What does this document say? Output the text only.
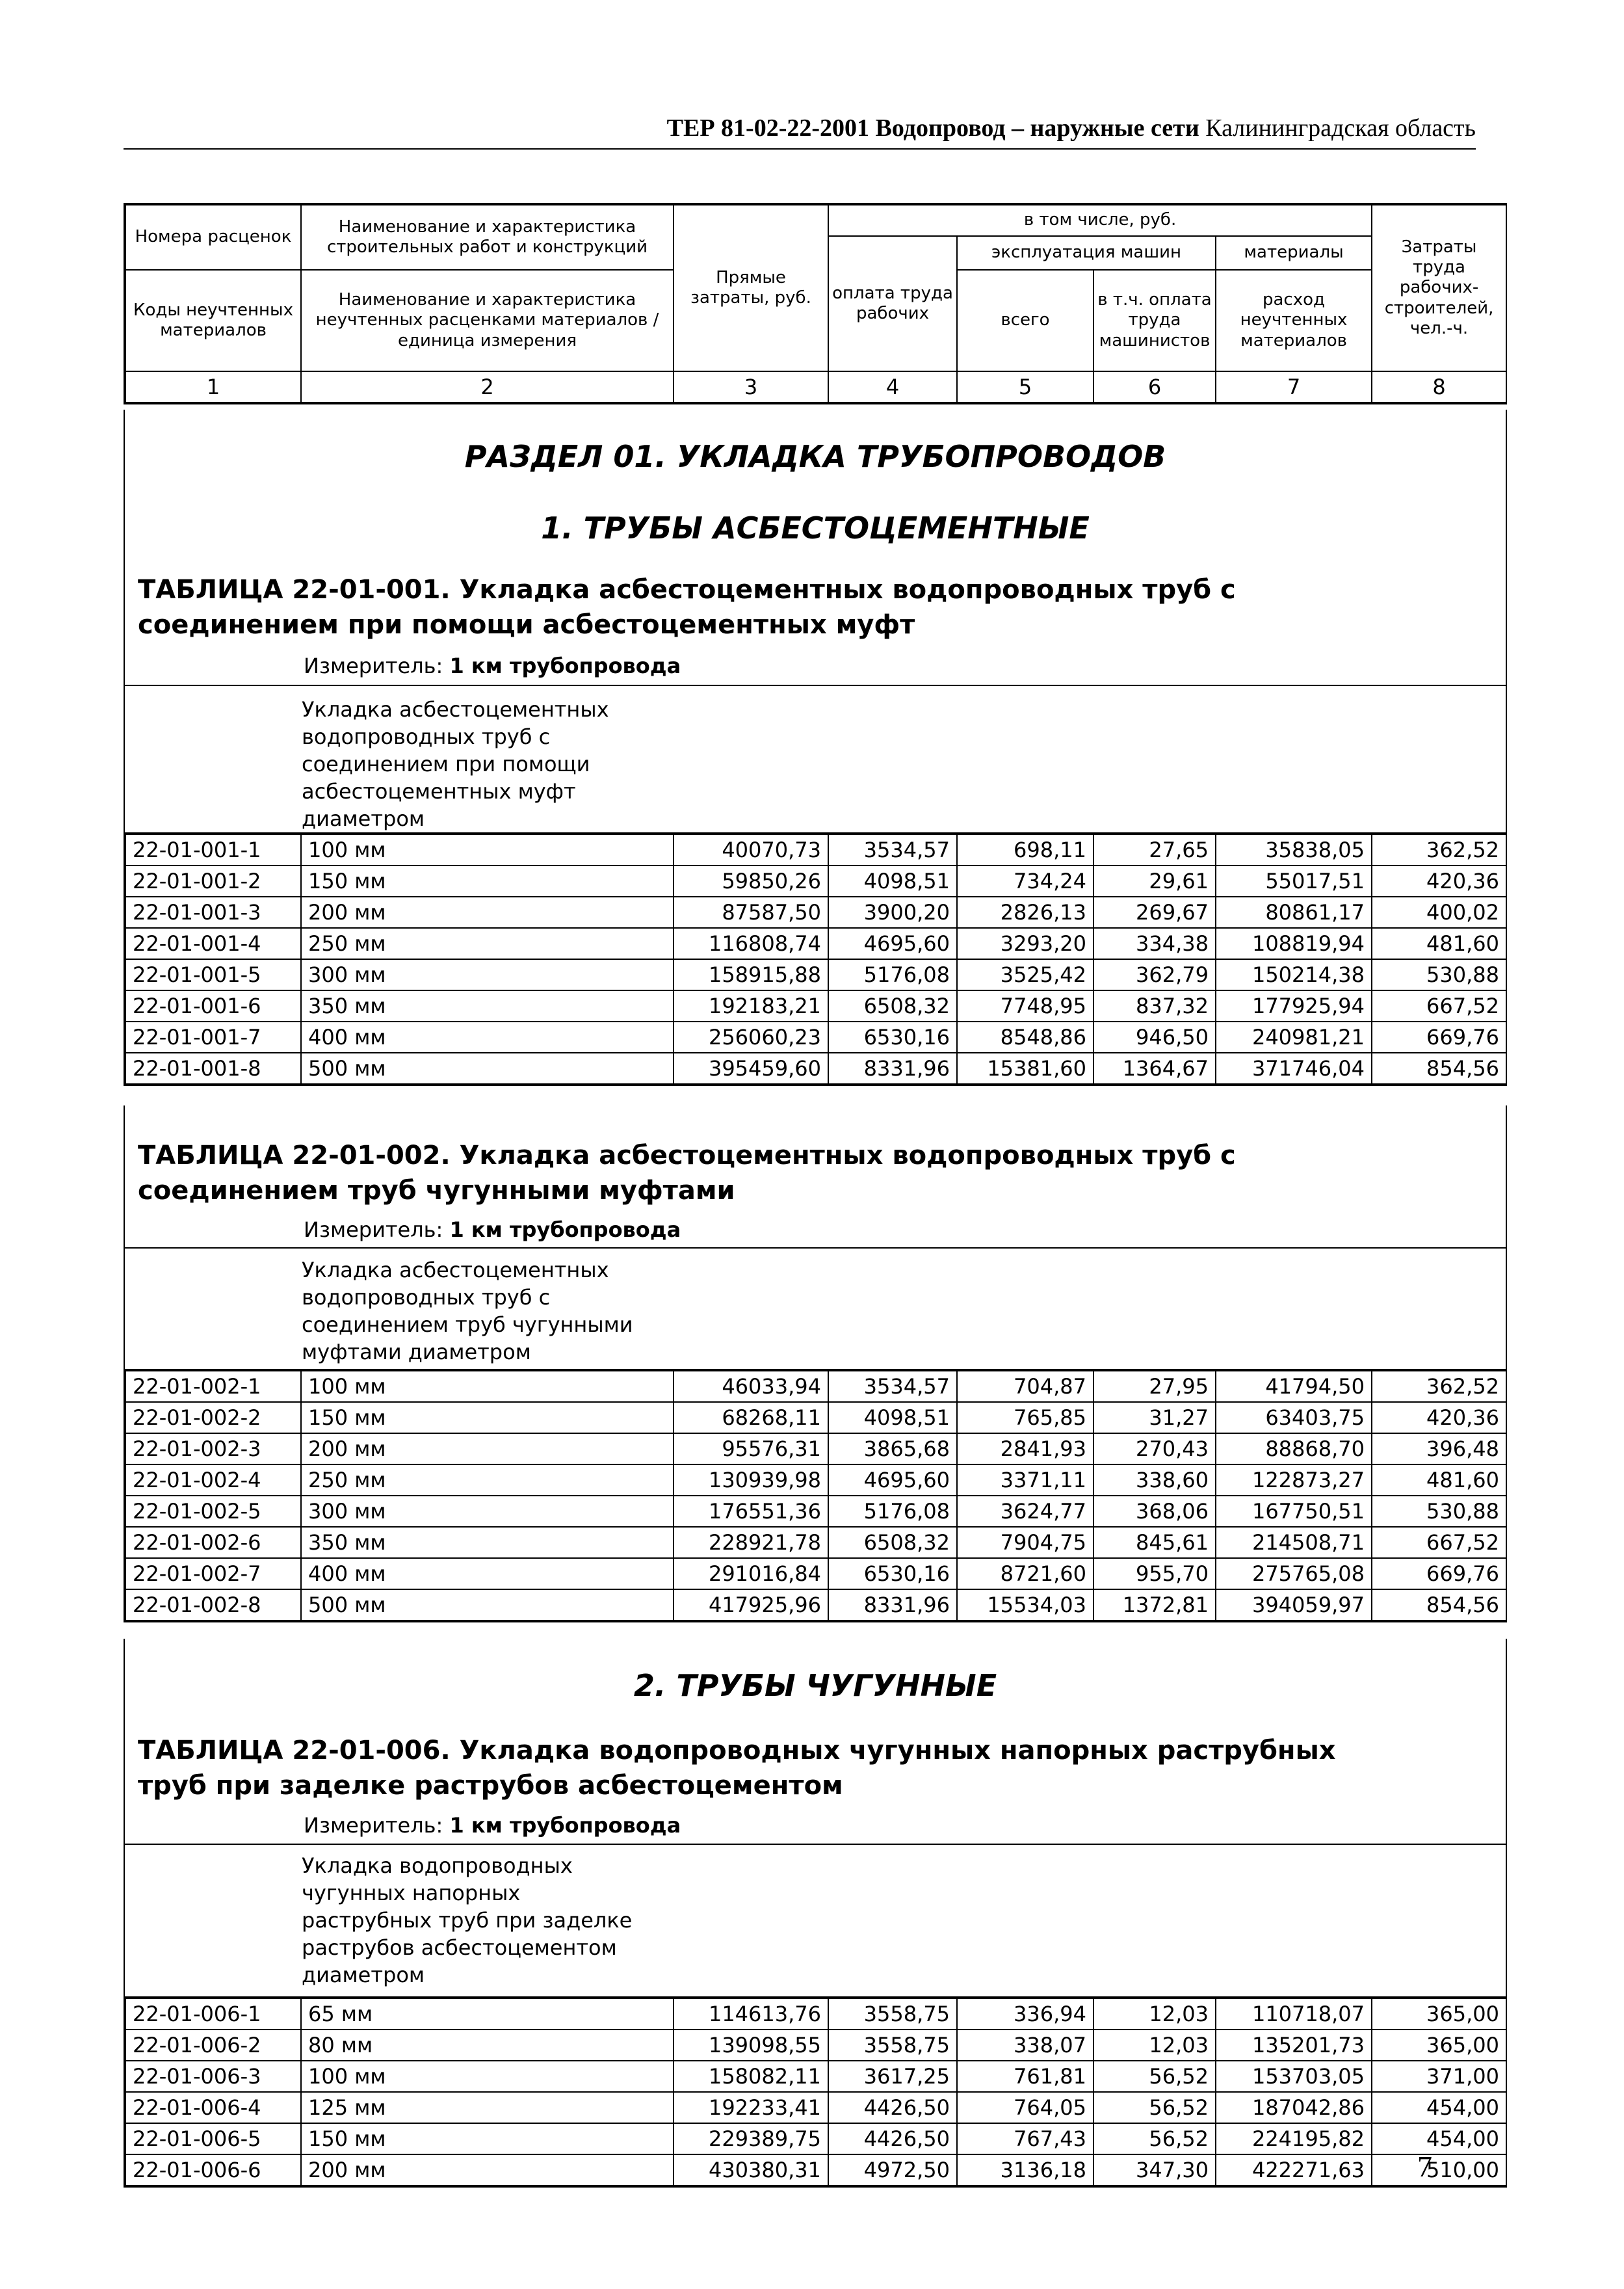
ТЕР 81-02-22-2001 Водопровод – наружные сети Калининградская область
Номера расценок	Наименование и характеристика строительных работ и конструкций	Прямые затраты, руб.	в том числе, руб.				Затраты труда рабочих-строителей, чел.-ч.
			оплата труда рабочих	эксплуатация машин		материалы	
Коды неучтенных материалов	Наименование и характеристика неучтенных расценками материалов / единица измерения			всего	в т.ч. оплата труда машинистов	расход неучтенных материалов	

1	2	3	4	5	6	7	8
РАЗДЕЛ 01. УКЛАДКА ТРУБОПРОВОДОВ
1. ТРУБЫ АСБЕСТОЦЕМЕНТНЫЕ
ТАБЛИЦА 22-01-001. Укладка асбестоцементных водопроводных труб с
соединением при помощи асбестоцементных муфт
Измеритель: 1 км трубопровода
Укладка асбестоцементных
водопроводных труб с
соединением при помощи
асбестоцементных муфт
диаметром
22-01-001-1	100 мм	40070,73	3534,57	698,11	27,65	35838,05	362,52
22-01-001-2	150 мм	59850,26	4098,51	734,24	29,61	55017,51	420,36
22-01-001-3	200 мм	87587,50	3900,20	2826,13	269,67	80861,17	400,02
22-01-001-4	250 мм	116808,74	4695,60	3293,20	334,38	108819,94	481,60
22-01-001-5	300 мм	158915,88	5176,08	3525,42	362,79	150214,38	530,88
22-01-001-6	350 мм	192183,21	6508,32	7748,95	837,32	177925,94	667,52
22-01-001-7	400 мм	256060,23	6530,16	8548,86	946,50	240981,21	669,76
22-01-001-8	500 мм	395459,60	8331,96	15381,60	1364,67	371746,04	854,56
ТАБЛИЦА 22-01-002. Укладка асбестоцементных водопроводных труб с
соединением труб чугунными муфтами
Измеритель: 1 км трубопровода
Укладка асбестоцементных
водопроводных труб с
соединением труб чугунными
муфтами диаметром
22-01-002-1	100 мм	46033,94	3534,57	704,87	27,95	41794,50	362,52
22-01-002-2	150 мм	68268,11	4098,51	765,85	31,27	63403,75	420,36
22-01-002-3	200 мм	95576,31	3865,68	2841,93	270,43	88868,70	396,48
22-01-002-4	250 мм	130939,98	4695,60	3371,11	338,60	122873,27	481,60
22-01-002-5	300 мм	176551,36	5176,08	3624,77	368,06	167750,51	530,88
22-01-002-6	350 мм	228921,78	6508,32	7904,75	845,61	214508,71	667,52
22-01-002-7	400 мм	291016,84	6530,16	8721,60	955,70	275765,08	669,76
22-01-002-8	500 мм	417925,96	8331,96	15534,03	1372,81	394059,97	854,56
2. ТРУБЫ ЧУГУННЫЕ
ТАБЛИЦА 22-01-006. Укладка водопроводных чугунных напорных раструбных
труб при заделке раструбов асбестоцементом
Измеритель: 1 км трубопровода
Укладка водопроводных
чугунных напорных
раструбных труб при заделке
раструбов асбестоцементом
диаметром
22-01-006-1	65 мм	114613,76	3558,75	336,94	12,03	110718,07	365,00
22-01-006-2	80 мм	139098,55	3558,75	338,07	12,03	135201,73	365,00
22-01-006-3	100 мм	158082,11	3617,25	761,81	56,52	153703,05	371,00
22-01-006-4	125 мм	192233,41	4426,50	764,05	56,52	187042,86	454,00
22-01-006-5	150 мм	229389,75	4426,50	767,43	56,52	224195,82	454,00
22-01-006-6	200 мм	430380,31	4972,50	3136,18	347,30	422271,63	510,00
7
